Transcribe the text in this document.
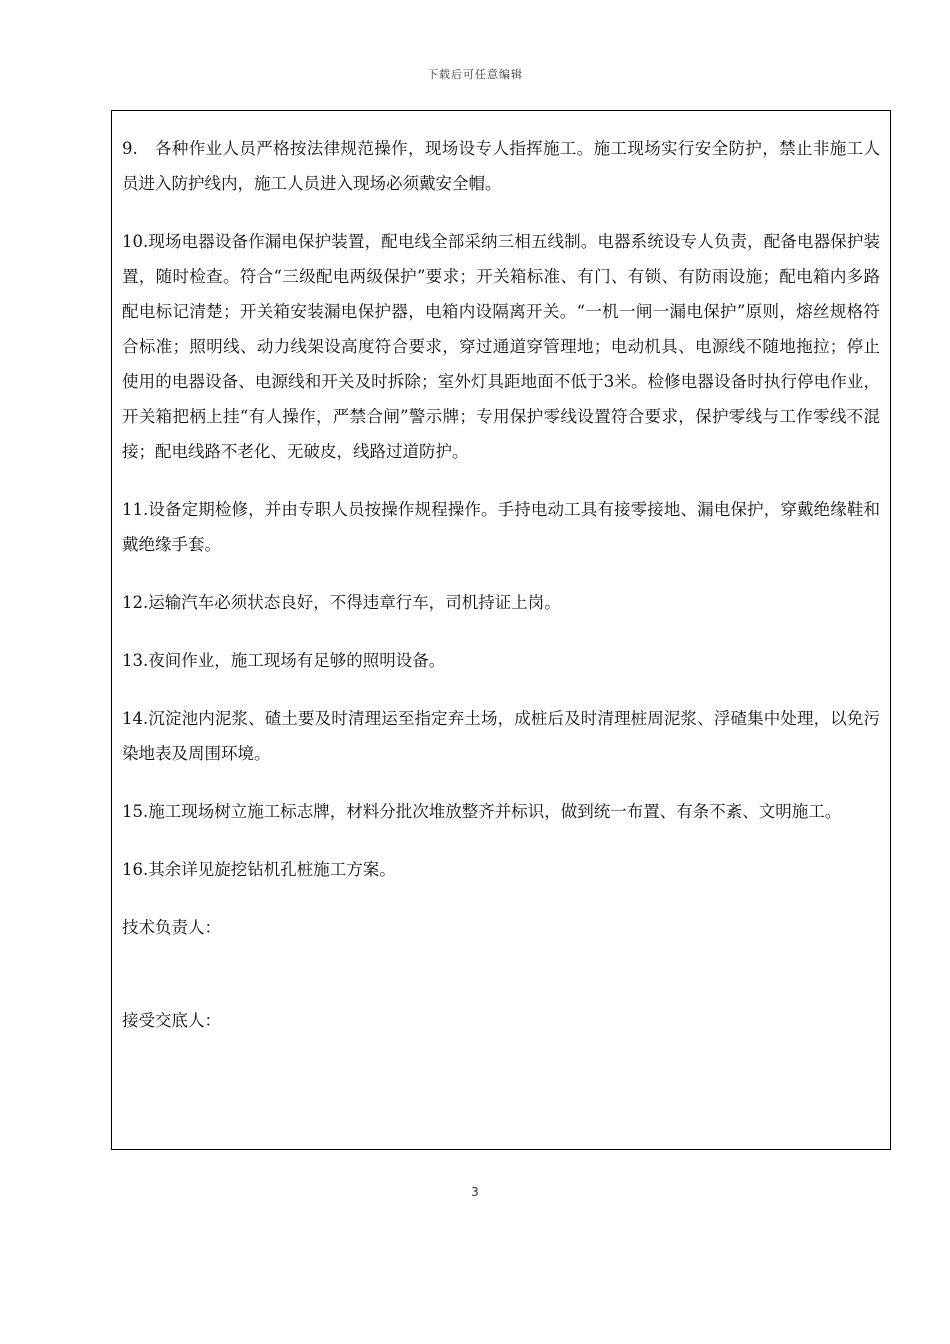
下载后可任意编辑

9.　各种作业人员严格按法律规范操作，现场设专人指挥施工。施工现场实行安全防护，禁止非施工人员进入防护线内，施工人员进入现场必须戴安全帽。

10.现场电器设备作漏电保护装置，配电线全部采纳三相五线制。电器系统设专人负责，配备电器保护装置，随时检查。符合“三级配电两级保护”要求；开关箱标准、有门、有锁、有防雨设施；配电箱内多路配电标记清楚；开关箱安装漏电保护器，电箱内设隔离开关。“一机一闸一漏电保护”原则，熔丝规格符合标准；照明线、动力线架设高度符合要求，穿过通道穿管理地；电动机具、电源线不随地拖拉；停止使用的电器设备、电源线和开关及时拆除；室外灯具距地面不低于3米。检修电器设备时执行停电作业，开关箱把柄上挂“有人操作，严禁合闸”警示牌；专用保护零线设置符合要求，保护零线与工作零线不混接；配电线路不老化、无破皮，线路过道防护。

11.设备定期检修，并由专职人员按操作规程操作。手持电动工具有接零接地、漏电保护，穿戴绝缘鞋和戴绝缘手套。

12.运输汽车必须状态良好，不得违章行车，司机持证上岗。

13.夜间作业，施工现场有足够的照明设备。

14.沉淀池内泥浆、碴土要及时清理运至指定弃土场，成桩后及时清理桩周泥浆、浮碴集中处理，以免污染地表及周围环境。

15.施工现场树立施工标志牌，材料分批次堆放整齐并标识，做到统一布置、有条不紊、文明施工。

16.其余详见旋挖钻机孔桩施工方案。

技术负责人：

接受交底人：

3
